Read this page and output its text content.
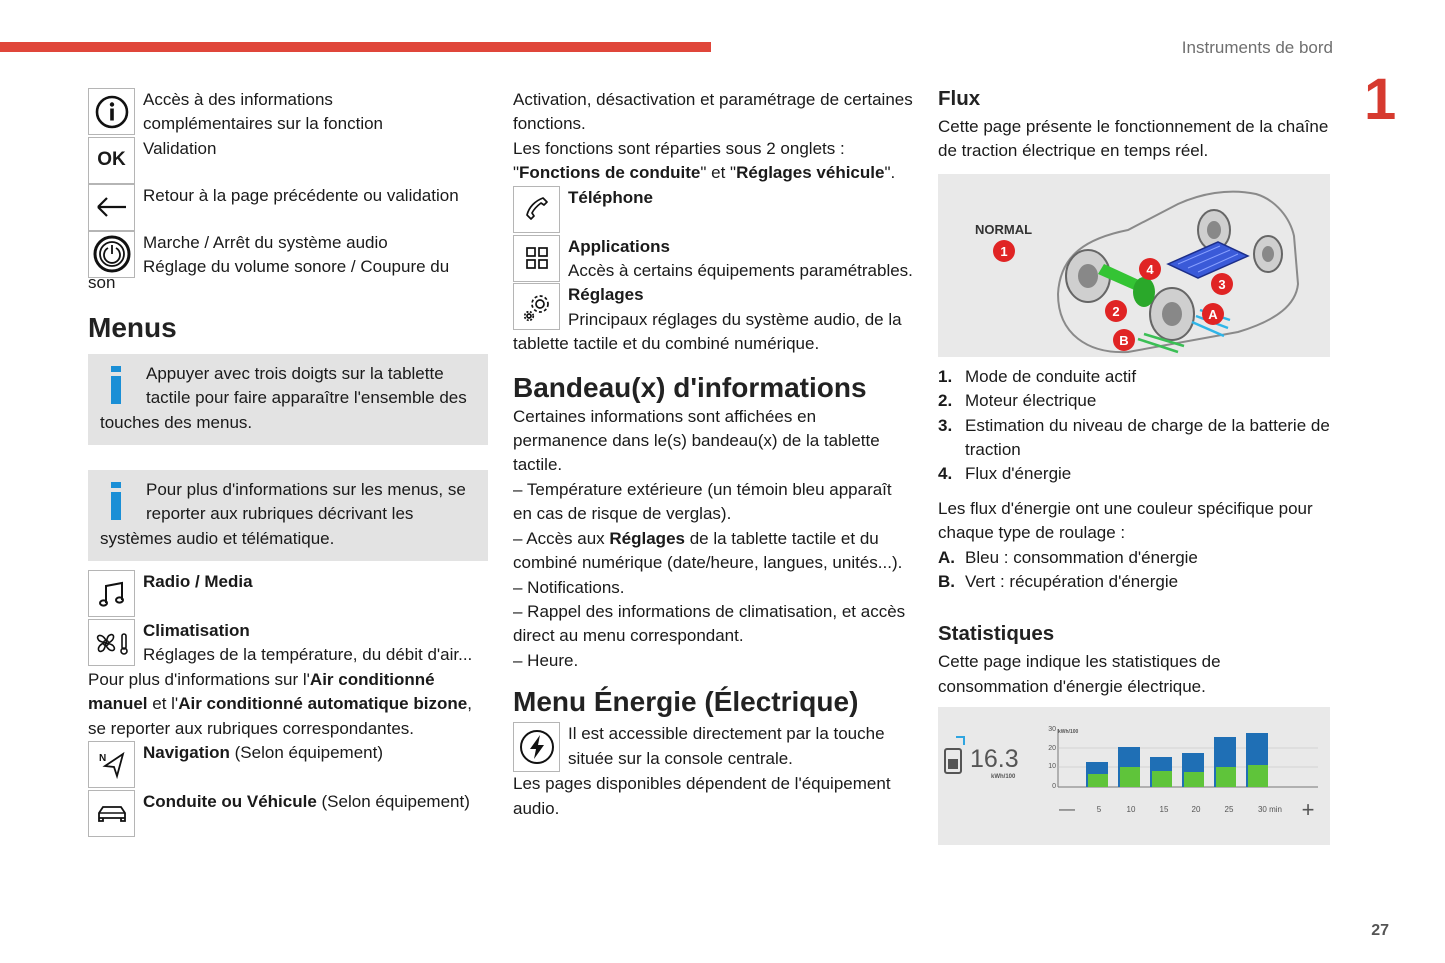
Instruments de bord
1
27

Accès à des informations
complémentaires sur la fonction

OK

Validation

Retour à la page précédente ou validation

Marche / Arrêt du système audio
Réglage du volume sonore / Coupure du

son

Menus

Appuyer avec trois doigts sur la tablette tactile pour faire apparaître l'ensemble des touches des menus.

Pour plus d'informations sur les menus, se reporter aux rubriques décrivant les systèmes audio et télématique.

Radio / Media

Climatisation

Réglages de la température, du débit d'air...

Pour plus d'informations sur l'Air conditionné manuel et l'Air conditionné automatique bizone, se reporter aux rubriques correspondantes.

N	Navigation (Selon équipement)

Conduite ou Véhicule (Selon équipement)

Activation, désactivation et paramétrage de certaines fonctions.

Les fonctions sont réparties sous 2 onglets : "Fonctions de conduite" et "Réglages véhicule".

Téléphone

Applications

Accès à certains équipements paramétrables.

Réglages

Principaux réglages du système audio, de la tablette tactile et du combiné numérique.

Bandeau(x) d'informations

Certaines informations sont affichées en permanence dans le(s) bandeau(x) de la tablette tactile.

– Température extérieure (un témoin bleu apparaît en cas de risque de verglas).

– Accès aux Réglages de la tablette tactile et du combiné numérique (date/heure, langues, unités...).

– Notifications.

– Rappel des informations de climatisation, et accès direct au menu correspondant.

– Heure.

Menu Énergie (Électrique)

Il est accessible directement par la touche située sur la console centrale.

Les pages disponibles dépendent de l'équipement audio.

Flux

Cette page présente le fonctionnement de la chaîne de traction électrique en temps réel.

NORMAL
1
4
3
2	A
B
1. Mode de conduite actif
2. Moteur électrique
3. Estimation du niveau de charge de la batterie de traction
4. Flux d'énergie

Les flux d'énergie ont une couleur spécifique pour chaque type de roulage :

A. Bleu : consommation d'énergie
B. Vert : récupération d'énergie
Statistiques

Cette page indique les statistiques de consommation d'énergie électrique.

16.3
kWh/100
kWh/100
30
20
10
0
—	5	10	15	20	25	30 min +
